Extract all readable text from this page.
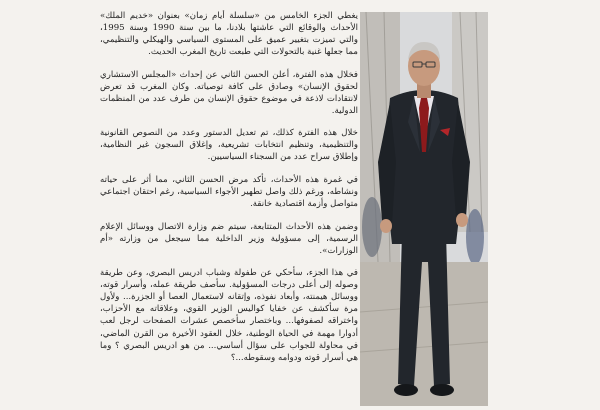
يغطي الجزء الخامس من «سلسلة أيام زمان» بعنوان «خديم الملك» الأحداث والوقائع التي عاشتها بلادنا، ما بين سنة 1990 وسنة 1995، والتي تميزت بتغيير عميق على المستوى السياسي والهيكلي والتنظيمي، مما جعلها غنية بالتحولات التي طبعت تاريخ المغرب الحديث.

فخلال هذه الفترة، أعلن الحسن الثاني عن إحداث «المجلس الاستشاري لحقوق الإنسان» وصادق على كافة توصياته. وكان المغرب قد تعرض لانتقادات لاذعة في موضوع حقوق الإنسان من طرف عدد من المنظمات الدولية.

خلال هذه الفترة كذلك، تم تعديل الدستور وعدد من النصوص القانونية والتنظيمية، وتنظيم انتخابات تشريعية، وإغلاق السجون غير النظامية، وإطلاق سراح عدد من السجناء السياسيين.

في غمرة هذه الأحداث، تأكد مرض الحسن الثاني، مما أثر على حياته ونشاطه، ورغم ذلك واصل تطهير الأجواء السياسية، رغم احتقان اجتماعي متواصل وأزمة اقتصادية خانقة.

وضمن هذه الأحداث المتتابعة، سيتم ضم وزارة الاتصال ووسائل الإعلام الرسمية، إلى مسؤولية وزير الداخلية مما سيجعل من وزارته «أم الوزارات».

في هذا الجزء، سأحكي عن طفولة وشباب ادريس البصري، وعن طريقة وصوله إلى أعلى درجات المسؤولية. سأصف طريقة عمله، وأسرار قوته، ووسائل هيمنته، وأبعاد نفوذه، وإتقانه لاستعمال العصا أو الجزرة... ولأول مرة سأكشف عن خفايا كواليس الوزير القوي، وعلاقاته مع الأحزاب، واختراقه لصفوفها... وباختصار سأخصص عشرات الصفحات لرجل لعب أدوارا مهمة في الحياة الوطنية، خلال العقود الأخيرة من القرن الماضي، في محاولة للجواب على سؤال أساسي... من هو ادريس البصري ؟ وما هي أسرار قوته ودوامه وسقوطه...؟
